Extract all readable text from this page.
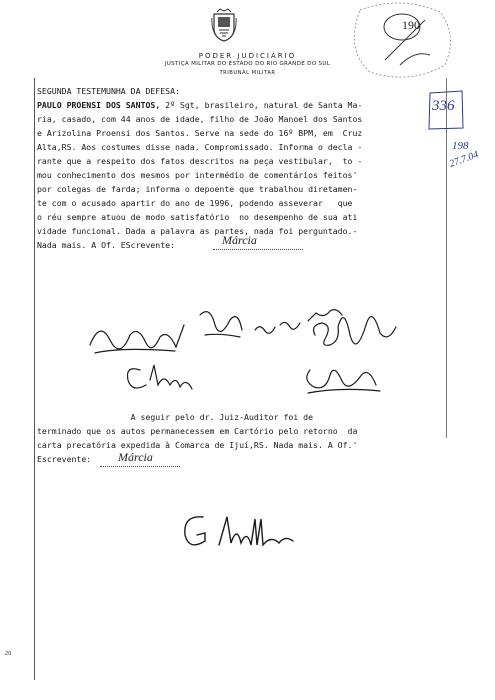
PODER JUDICIÁRIO
JUSTIÇA MILITAR DO ESTADO DO RIO GRANDE DO SUL
TRIBUNAL MILITAR
190
336
198
27.7.04
SEGUNDA TESTEMUNHA DA DEFESA:
PAULO PROENSI DOS SANTOS, 2º Sgt, brasileiro, natural de Santa Ma-
ria, casado, com 44 anos de idade, filho de João Manoel dos Santos
e Arizolina Proensi dos Santos. Serve na sede do 16º BPM, em  Cruz
Alta,RS. Aos costumes disse nada. Compromissado. Informa o decla -
rante que a respeito dos fatos descritos na peça vestibular,  to -
mou conhecimento dos mesmos por intermédio de comentários feitos'
por colegas de farda; informa o depoente que trabalhou diretamen-
te com o acusado apartir do ano de 1996, podendo asseverar   que
o réu sempre atuou de modo satisfatório  no desempenho de sua ati
vidade funcional. Dada a palavra as partes, nada foi perguntado.-
Nada mais. A Of. EScrevente:	Márcia
A seguir pelo dr. Juiz-Auditor foi de
terminado que os autos permanecessem em Cartório pelo retorno  da
carta precatória expedida à Comarca de Ijuí,RS. Nada mais. A Of.'
Escrevente: Márcia
20
